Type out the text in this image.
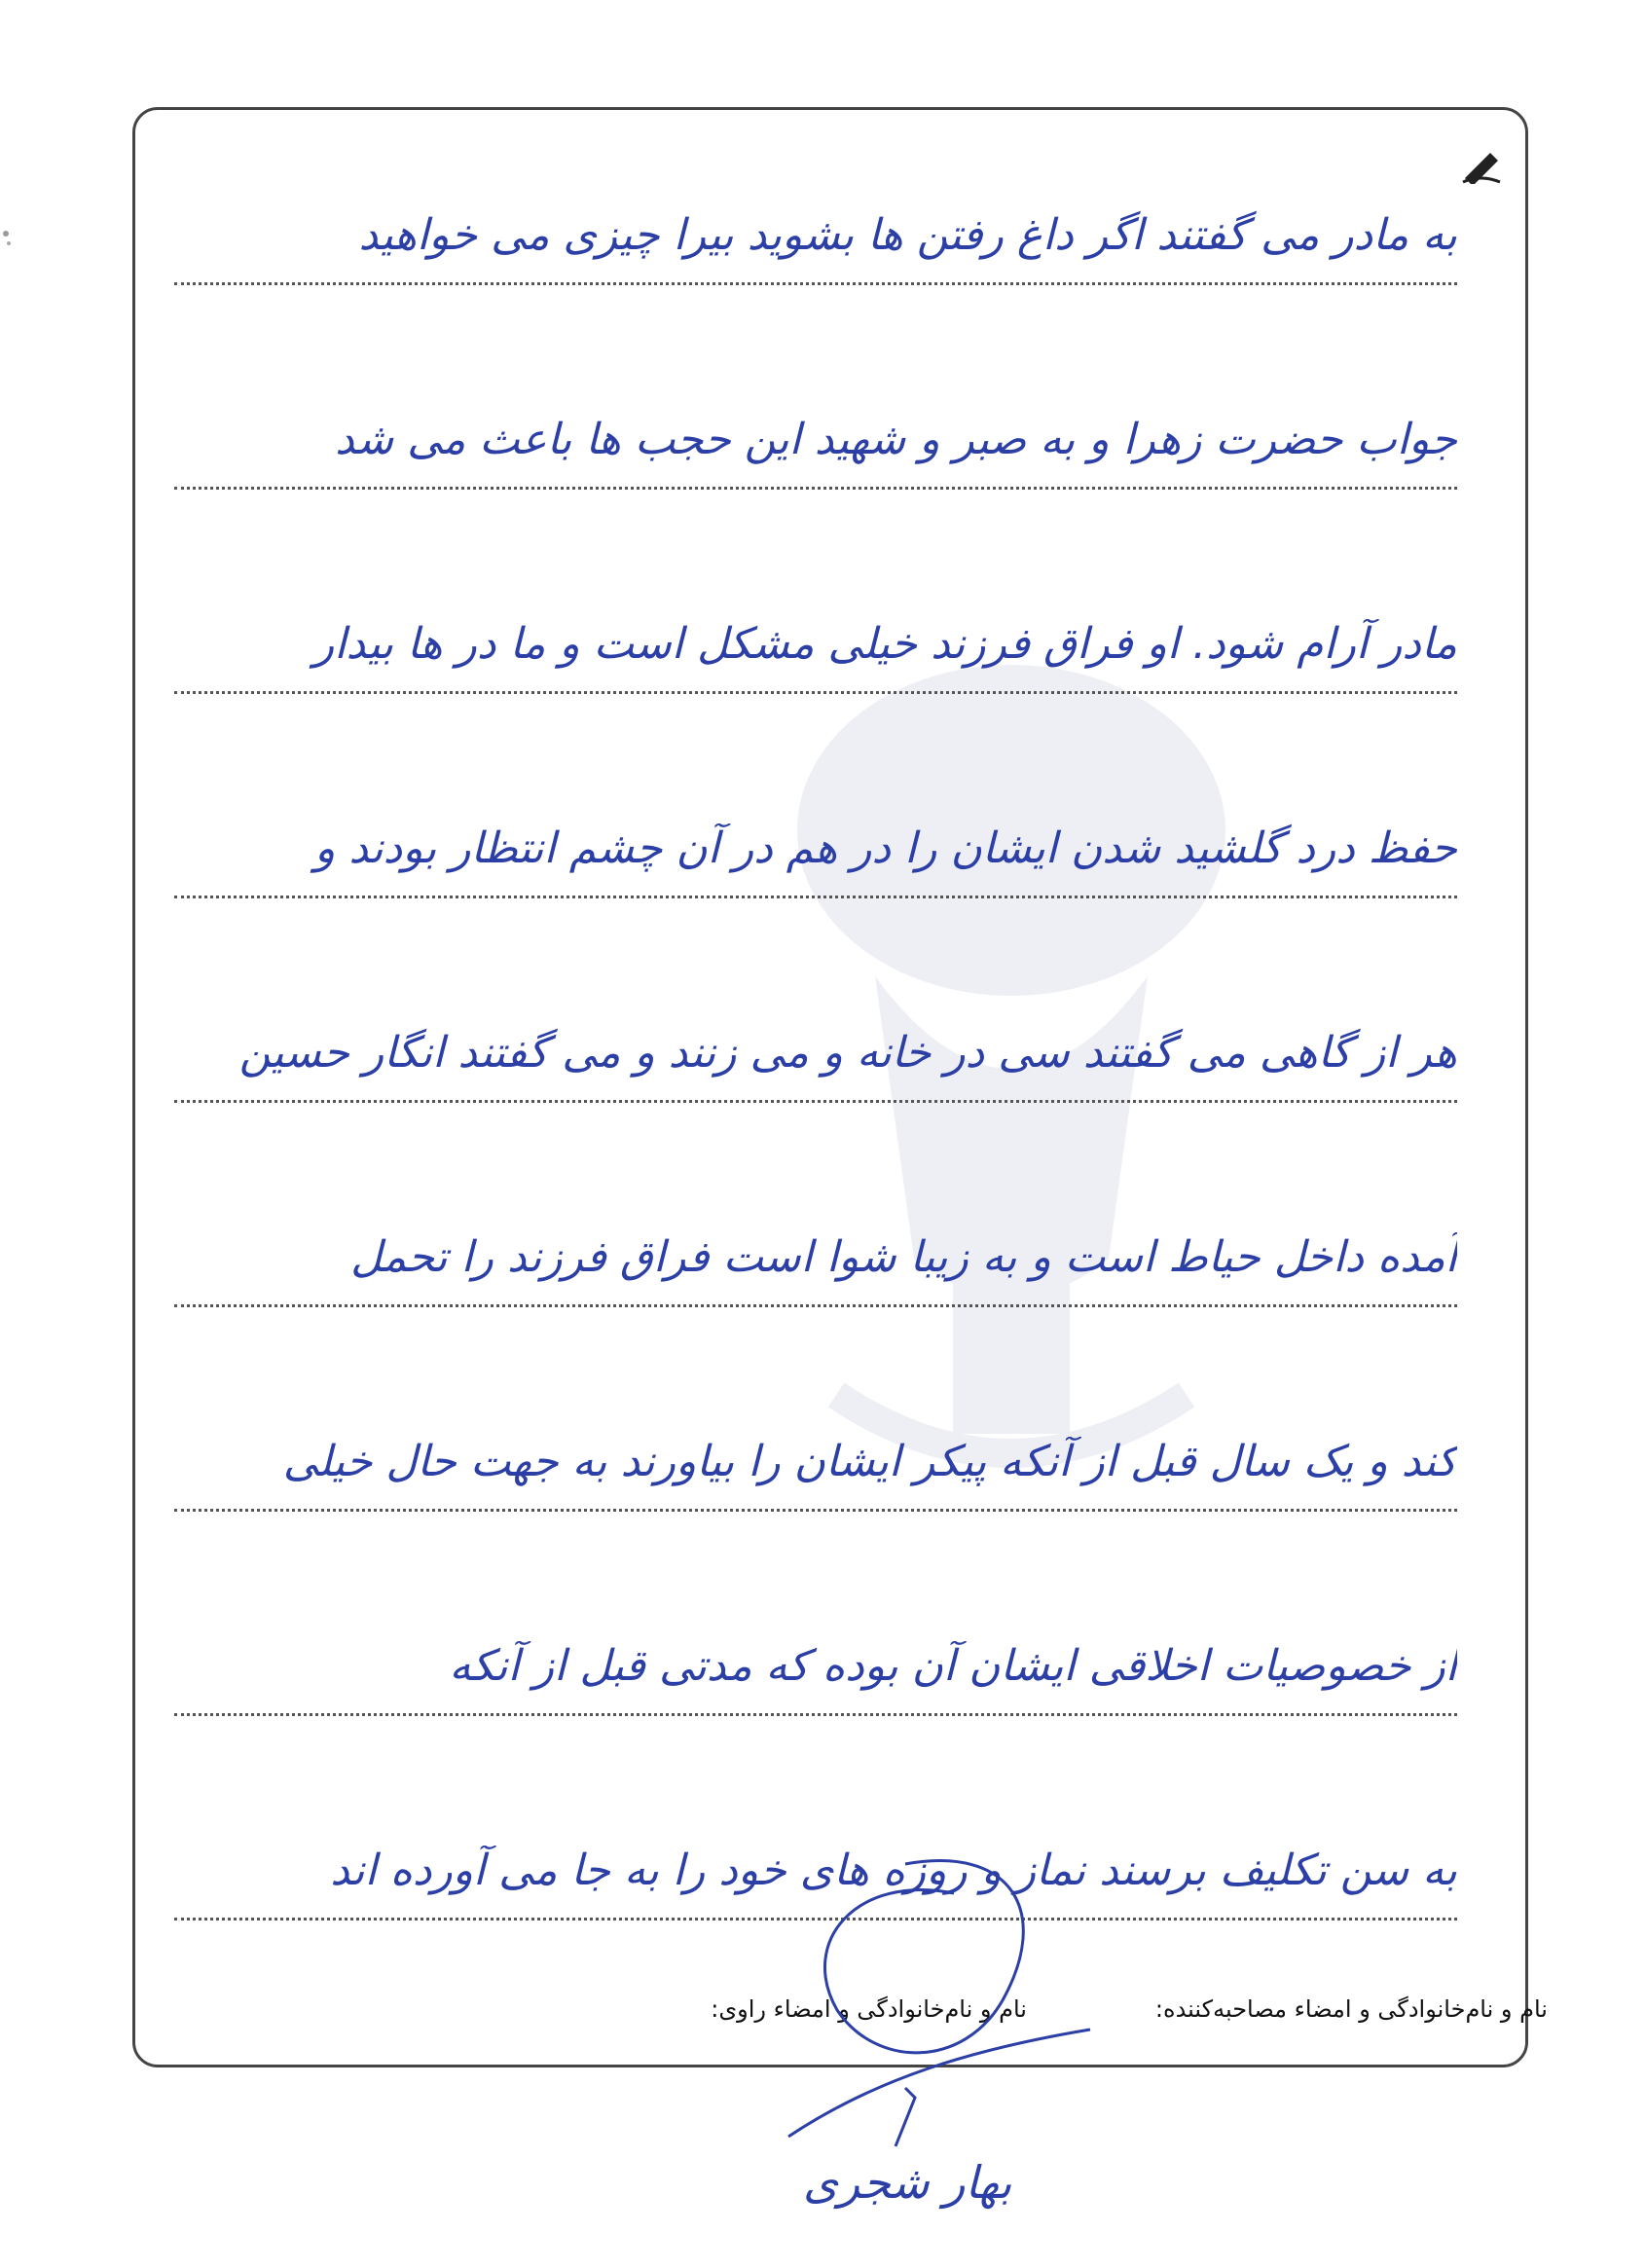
به مادر می گفتند اگر داغ رفتن ها بشوید بیرا چیزی می خواهید
جواب حضرت زهرا و به صبر و شهید این حجب ها باعث می شد
مادر آرام شود. او فراق فرزند خیلی مشکل است و ما در ها بیدار
حفظ درد گلشید شدن ایشان را در هم در آن چشم انتظار بودند و
هر از گاهی می گفتند سی در خانه و می زنند و می گفتند انگار حسین
آمده داخل حیاط است و به زیبا شوا است فراق فرزند را تحمل
کند و یک سال قبل از آنکه پیکر ایشان را بیاورند به جهت حال خیلی
از خصوصیات اخلاقی ایشان آن بوده که مدتی قبل از آنکه
به سن تکلیف برسند نماز و روزه های خود را به جا می آورده اند
نام و نام‌خانوادگی و امضاء مصاحبه‌کننده:
نام و نام‌خانوادگی و امضاء راوی:
بهار شجری
